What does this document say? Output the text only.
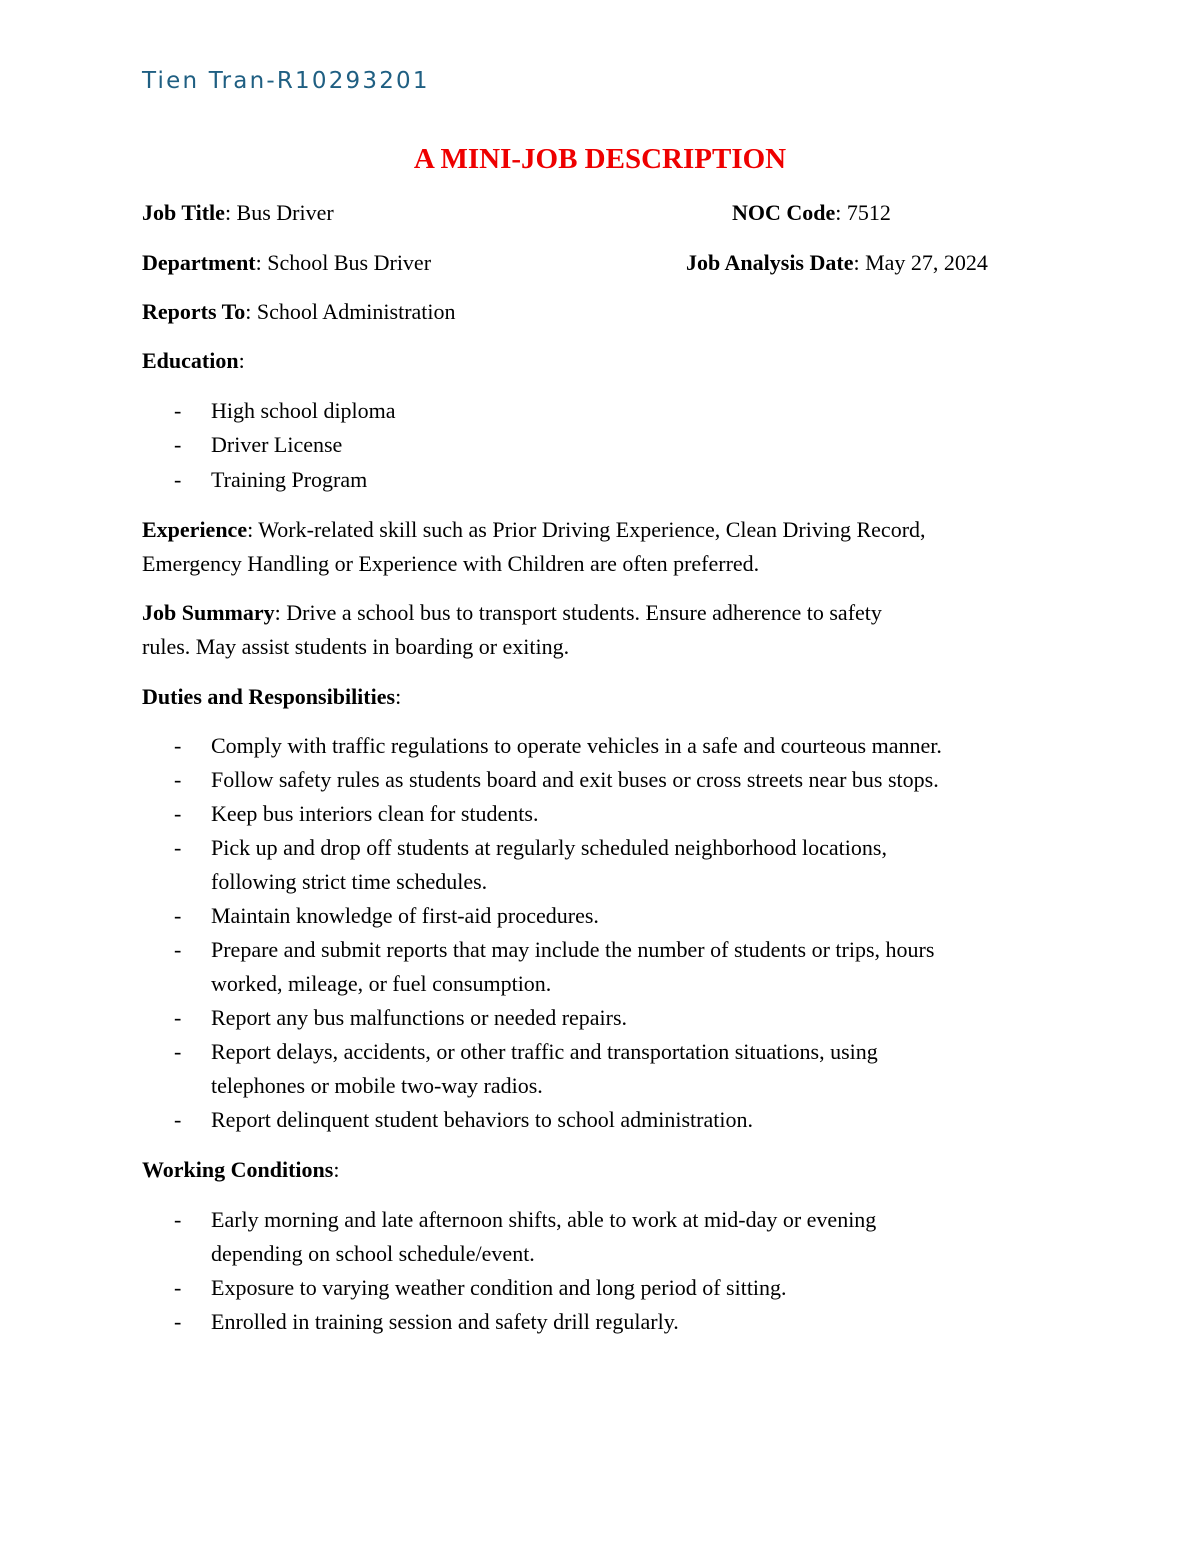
Tien Tran-R10293201
A MINI-JOB DESCRIPTION
Job Title: Bus Driver	NOC Code: 7512
Department: School Bus Driver	Job Analysis Date: May 27, 2024
Reports To: School Administration
Education:
- High school diploma
- Driver License
- Training Program
Experience: Work-related skill such as Prior Driving Experience, Clean Driving Record,
Emergency Handling or Experience with Children are often preferred.
Job Summary: Drive a school bus to transport students. Ensure adherence to safety
rules. May assist students in boarding or exiting.
Duties and Responsibilities:
- Comply with traffic regulations to operate vehicles in a safe and courteous manner.
- Follow safety rules as students board and exit buses or cross streets near bus stops.
- Keep bus interiors clean for students.
- Pick up and drop off students at regularly scheduled neighborhood locations,
following strict time schedules.
- Maintain knowledge of first-aid procedures.
- Prepare and submit reports that may include the number of students or trips, hours
worked, mileage, or fuel consumption.
- Report any bus malfunctions or needed repairs.
- Report delays, accidents, or other traffic and transportation situations, using
telephones or mobile two-way radios.
- Report delinquent student behaviors to school administration.
Working Conditions:
- Early morning and late afternoon shifts, able to work at mid-day or evening
depending on school schedule/event.
- Exposure to varying weather condition and long period of sitting.
- Enrolled in training session and safety drill regularly.
